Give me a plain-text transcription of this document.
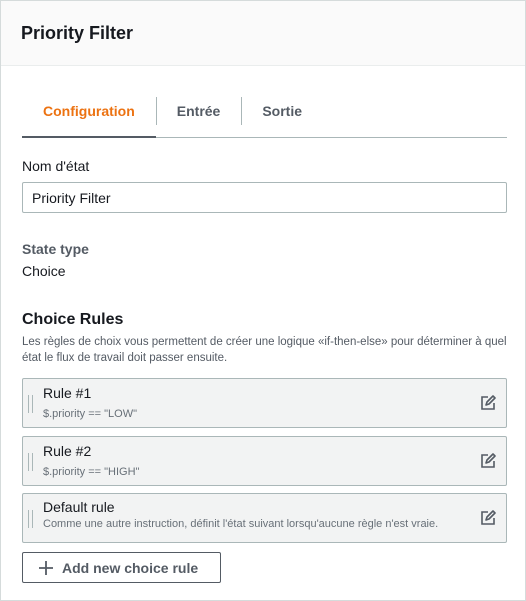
Priority Filter
Configuration	Entrée	Sortie
Nom d'état
Priority Filter
State type
Choice
Choice Rules
Les règles de choix vous permettent de créer une logique «if-then-else» pour déterminer à quel état le flux de travail doit passer ensuite.
Rule #1
$.priority == "LOW"
Rule #2
$.priority == "HIGH"
Default rule
Comme une autre instruction, définit l'état suivant lorsqu'aucune règle n'est vraie.
Add new choice rule
